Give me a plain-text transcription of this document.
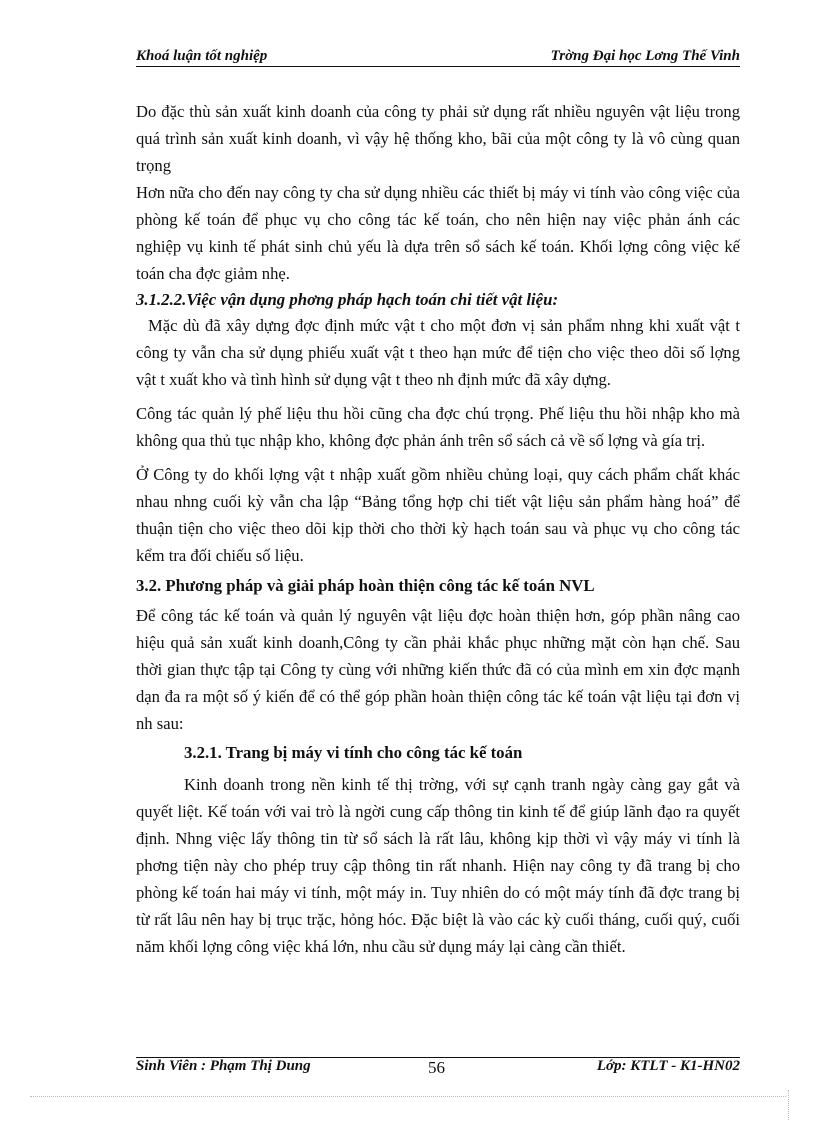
Khoá luận tốt nghiệp	Trờng Đại học Lơng Thế Vinh

Do đặc thù sản xuất kinh doanh của công ty phải sử dụng rất nhiều nguyên vật liệu trong quá trình sản xuất kinh doanh, vì vậy hệ thống kho, bãi của một công ty là vô cùng quan trọng

Hơn nữa cho đến nay công ty cha sử dụng nhiều các thiết bị máy vi tính vào công việc của phòng kế toán để phục vụ cho công tác kế toán, cho nên hiện nay việc phản ánh các nghiệp vụ kinh tế phát sinh chủ yếu là dựa trên sổ sách kế toán. Khối lợng công việc kế toán cha đợc giảm nhẹ.

3.1.2.2.Việc vận dụng phơng pháp hạch toán chi tiết vật liệu:

Mặc dù đã xây dựng đợc định mức vật t cho một đơn vị sản phẩm nhng khi xuất vật t công ty vẫn cha sử dụng phiếu xuất vật t theo hạn mức để tiện cho việc theo dõi số lợng vật t xuất kho và tình hình sử dụng vật t theo nh định mức đã xây dựng.

Công tác quản lý phế liệu thu hồi cũng cha đợc chú trọng. Phế liệu thu hồi nhập kho mà không qua thủ tục nhập kho, không đợc phản ánh trên sổ sách cả về số lợng và gía trị.

Ở Công ty do khối lợng vật t nhập xuất gồm nhiều chủng loại, quy cách phẩm chất khác nhau nhng cuối kỳ vẫn cha lập “Bảng tổng hợp chi tiết vật liệu sản phẩm hàng hoá” để thuận tiện cho việc theo dõi kịp thời cho thời kỳ hạch toán sau và phục vụ cho công tác kểm tra đối chiếu số liệu.

3.2. Phương pháp và giải pháp hoàn thiện công tác kế toán NVL

Để công tác kế toán và quản lý nguyên vật liệu đợc hoàn thiện hơn, góp phần nâng cao hiệu quả sản xuất kinh doanh,Công ty cần phải khắc phục những mặt còn hạn chế. Sau thời gian thực tập tại Công ty cùng với những kiến thức đã có của mình em xin đợc mạnh dạn đa ra một số ý kiến để có thể góp phần hoàn thiện công tác kế toán vật liệu tại đơn vị nh sau:

3.2.1. Trang bị máy vi tính cho công tác kế toán

Kinh doanh trong nền kinh tế thị trờng, với sự cạnh tranh ngày càng gay gắt và quyết liệt. Kế toán với vai trò là ngời cung cấp thông tin kinh tế để giúp lãnh đạo ra quyết định. Nhng việc lấy thông tin từ sổ sách là rất lâu, không kịp thời vì vậy máy vi tính là phơng tiện này cho phép truy cập thông tin rất nhanh. Hiện nay công ty đã trang bị cho phòng kế toán hai máy vi tính, một máy in. Tuy nhiên do có một máy tính đã đợc trang bị từ rất lâu nên hay bị trục trặc, hỏng hóc. Đặc biệt là vào các kỳ cuối tháng, cuối quý, cuối năm khối lợng công việc khá lớn, nhu cầu sử dụng máy lại càng cần thiết.

Sinh Viên : Phạm Thị Dung	56	Lớp: KTLT - K1-HN02
